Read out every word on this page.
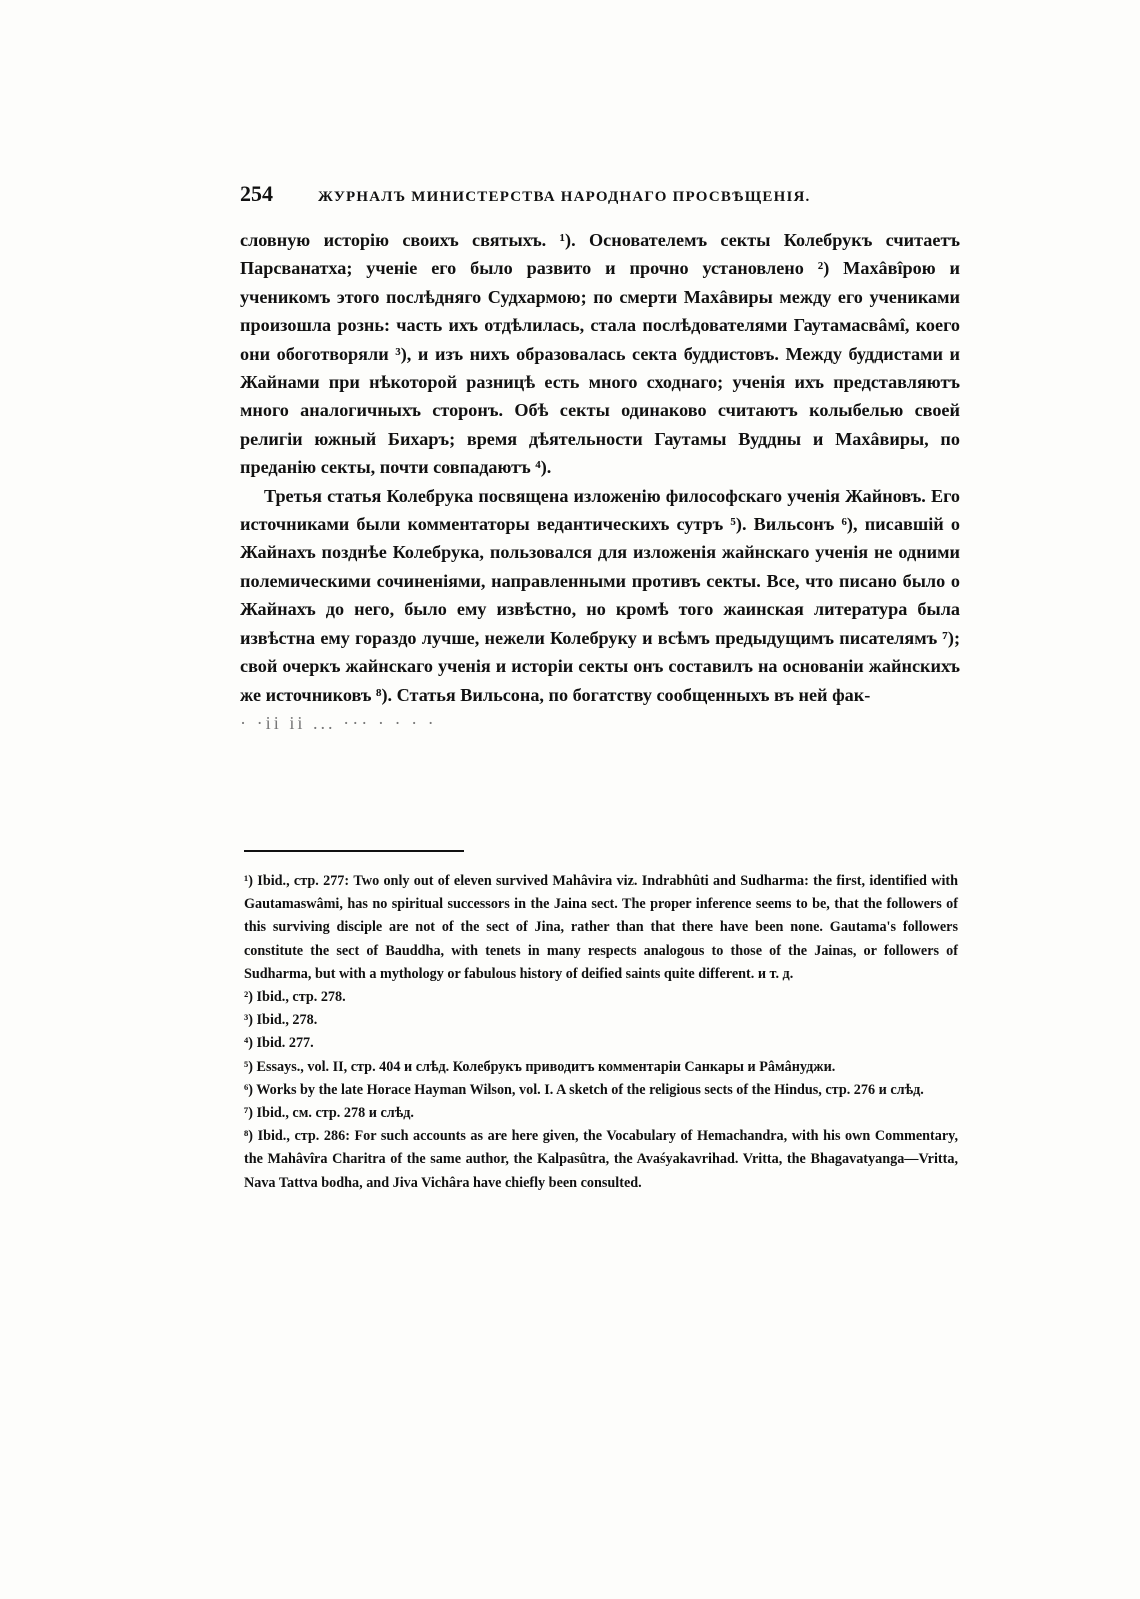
254	ЖУРНАЛЪ МИНИСТЕРСТВА НАРОДНАГО ПРОСВѢЩЕНІЯ.

словную исторію своихъ святыхъ. ¹). Основателемъ секты Колебрукъ считаетъ Парсванатха; ученіе его было развито и прочно установлено ²) Махâвîрою и ученикомъ этого послѣдняго Судхармою; по смерти Махâвиры между его учениками произошла рознь: часть ихъ отдѣлилась, стала послѣдователями Гаутамасвâмî, коего они обоготворяли ³), и изъ нихъ образовалась секта буддистовъ. Между буддистами и Жайнами при нѣкоторой разницѣ есть много сходнаго; ученія ихъ представляютъ много аналогичныхъ сторонъ. Обѣ секты одинаково считаютъ колыбелью своей религіи южный Бихаръ; время дѣятельности Гаутамы Вуддны и Махâвиры, по преданію секты, почти совпадаютъ ⁴).

Третья статья Колебрука посвящена изложенію философскаго ученія Жайновъ. Его источниками были комментаторы ведантическихъ сутръ ⁵). Вильсонъ ⁶), писавшій о Жайнахъ позднѣе Колебрука, пользовался для изложенія жайнскаго ученія не одними полемическими сочиненіями, направленными противъ секты. Все, что писано было о Жайнахъ до него, было ему извѣстно, но кромѣ того жаинская литература была извѣстна ему гораздо лучше, нежели Колебруку и всѣмъ предыдущимъ писателямъ ⁷); свой очеркъ жайнскаго ученія и исторіи секты онъ составилъ на основаніи жайнскихъ же источниковъ ⁸). Статья Вильсона, по богатству сообщенныхъ въ ней фак-

· ·ii ii ... ··· · · · ·

¹) Ibid., стр. 277: Two only out of eleven survived Mahâvira viz. Indrabhûti and Sudharma: the first, identified with Gautamaswâmi, has no spiritual successors in the Jaina sect. The proper inference seems to be, that the followers of this surviving disciple are not of the sect of Jina, rather than that there have been none. Gautama's followers constitute the sect of Bauddha, with tenets in many respects analogous to those of the Jainas, or followers of Sudharma, but with a mythology or fabulous history of deified saints quite different. и т. д.

²) Ibid., стр. 278.

³) Ibid., 278.

⁴) Ibid. 277.

⁵) Essays., vol. II, стр. 404 и слѣд. Колебрукъ приводитъ комментаріи Санкары и Рâмâнуджи.

⁶) Works by the late Horace Hayman Wilson, vol. I. A sketch of the religious sects of the Hindus, стр. 276 и слѣд.

⁷) Ibid., см. стр. 278 и слѣд.

⁸) Ibid., стр. 286: For such accounts as are here given, the Vocabulary of Hemachandra, with his own Commentary, the Mahâvîra Charitra of the same author, the Kalpasûtra, the Avaśyakavrihad. Vritta, the Bhagavatyanga—Vritta, Nava Tattva bodha, and Jiva Vichâra have chiefly been consulted.
